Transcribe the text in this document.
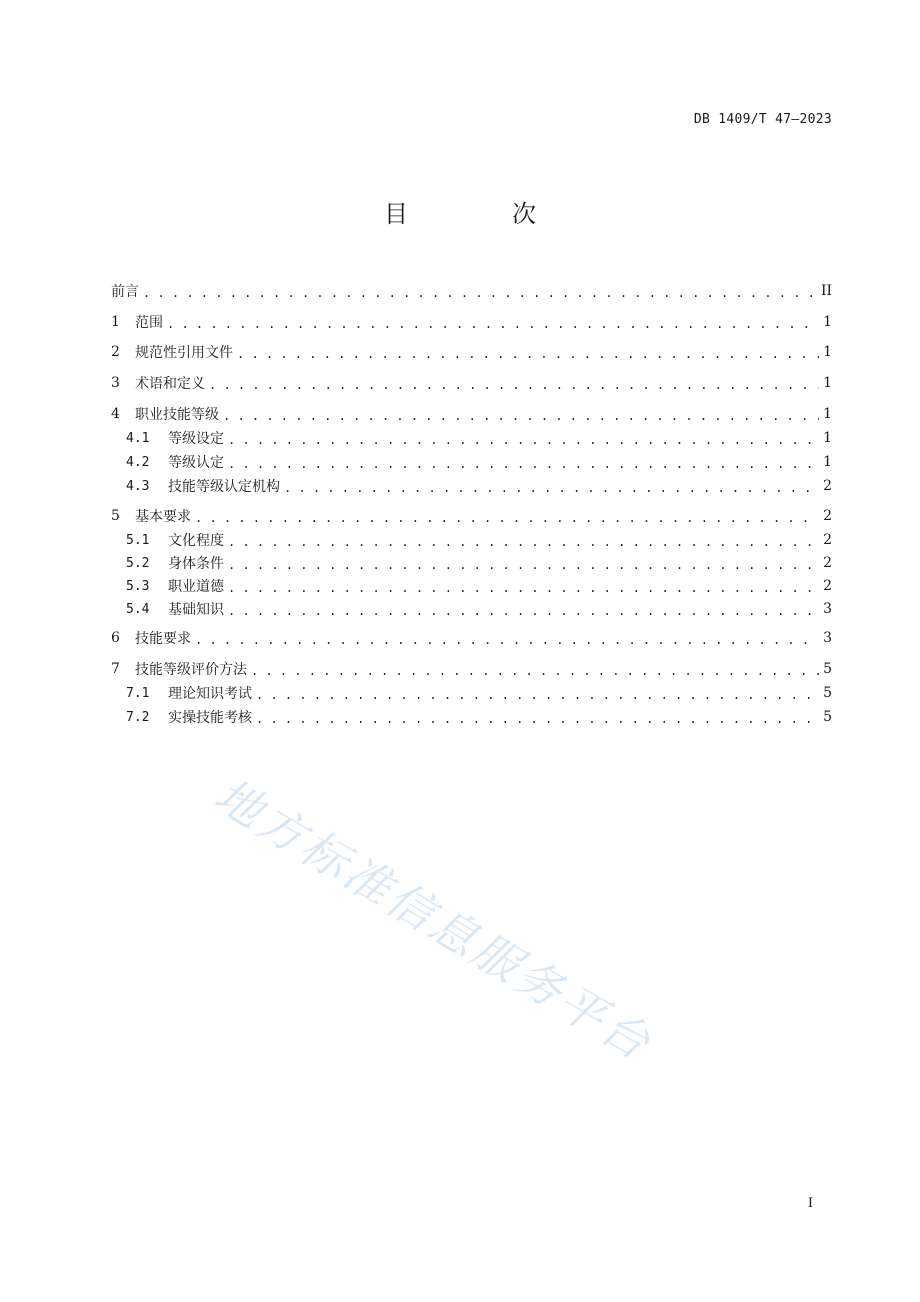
DB 1409/T 47—2023
目　次
前言 . . .	II
1	范围 . . .	1
2	规范性引用文件 . . .	1
3	术语和定义 . . .	1
4	职业技能等级 . . .	1
4.1	等级设定 . . .	1
4.2	等级认定 . . .	1
4.3	技能等级认定机构 . . .	2
5	基本要求 . . .	2
5.1	文化程度 . . .	2
5.2	身体条件 . . .	2
5.3	职业道德 . . .	2
5.4	基础知识 . . .	3
6	技能要求 . . .	3
7	技能等级评价方法 . . .	5
7.1	理论知识考试 . . .	5
7.2	实操技能考核 . . .	5
地方标准信息服务平台
I
